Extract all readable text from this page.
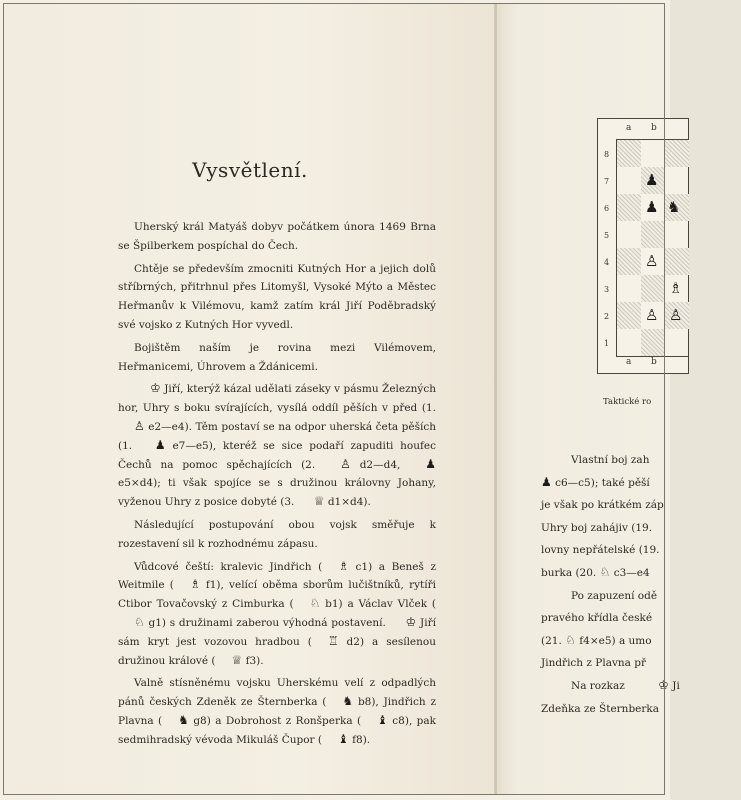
Vysvětlení.

Uherský král Matyáš dobyv počátkem února 1469 Brna se Špilberkem pospíchal do Čech.

Chtěje se především zmocniti Kutných Hor a jejich dolů stříbrných, přitrhnul přes Litomyšl, Vysoké Mýto a Městec Heřmanův k Vilémovu, kamž zatím král Jiří Poděbradský své vojsko z Kutných Hor vyvedl.

Bojištěm naším je rovina mezi Vilémovem, Heřmanicemi, Úhrovem a Ždánicemi.

♔ Jiří, kterýž kázal udělati záseky v pásmu Železných hor, Uhry s boku svírajících, vysílá oddíl pěších v před (1. ♙ e2—e4). Těm postaví se na odpor uherská četa pěších (1. ♟ e7—e5), kteréž se sice podaří zapuditi houfec Čechů na pomoc spěchajících (2. ♙ d2—d4, ♟ e5×d4); ti však spojíce se s družinou královny Johany, vyženou Uhry z posice dobyté (3. ♕ d1×d4).

Následující postupování obou vojsk směřuje k rozestavení sil k rozhodnému zápasu.

Vůdcové čeští: kralevic Jindřich ( ♗ c1) a Beneš z Weitmile ( ♗ f1), velící oběma sborům lučištníků, rytíři Ctibor Tovačovský z Cimburka ( ♘ b1) a Václav Vlček (♘ g1) s družinami zaberou výhodná postavení. ♔ Jiří sám kryt jest vozovou hradbou ( ♖ d2) a sesílenou družinou králové ( ♕ f3).

Valně stísněnému vojsku Uherskému velí z odpadlých pánů českých Zdeněk ze Šternberka ( ♞ b8), Jindřich z Plavna ( ♞ g8) a Dobrohost z Ronšperka ( ♝ c8), pak sedmihradský vévoda Mikuláš Čupor ( ♝ f8).

a b
a b
8
7
6
5
4
3
2
1
♟
♟ ♞
♙
♗
♙ ♙
Taktické ro

Vlastní boj zah

♟ c6—c5); také pěší

je však po krátkém záp

Uhry boj zahájiv (19.

lovny nepřátelské (19.

burka (20. ♘ c3—e4

Po zapuzení odě

pravého křídla české

(21. ♘ f4×e5) a umo

Jindřich z Plavna př

Na rozkaz	♔ Ji

Zdeňka ze Šternberka
